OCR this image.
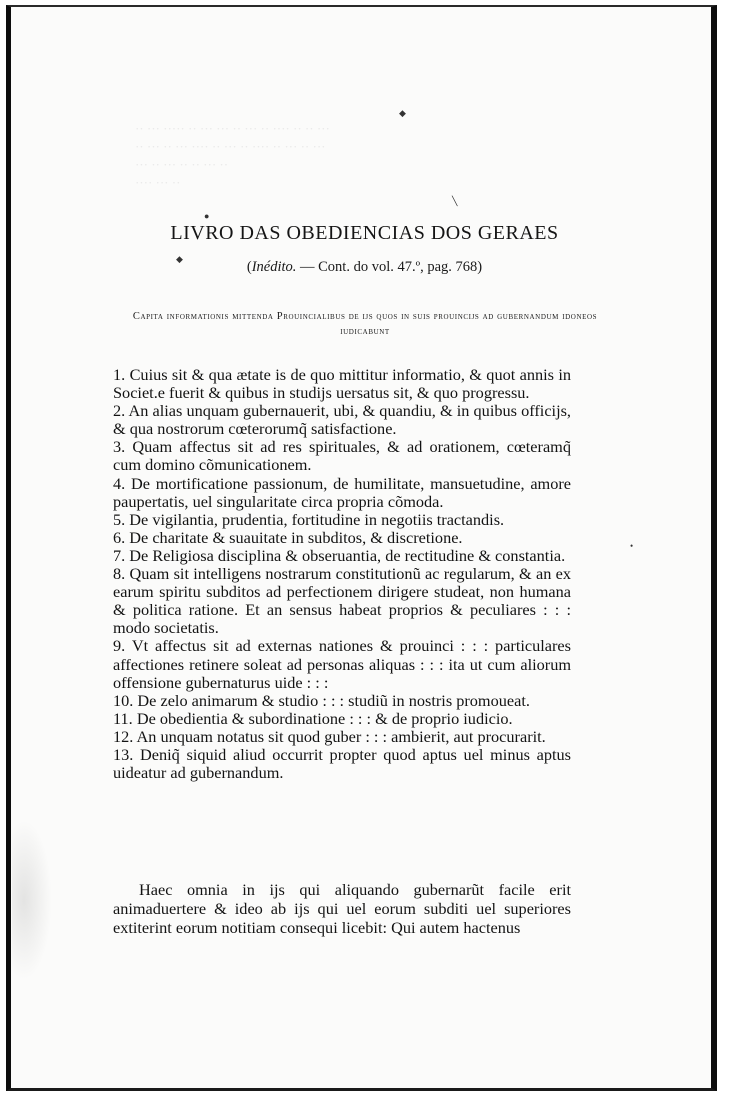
··· ·· ·· ···· ·· ··· ·· ··· ··· ·· ····· ··· ··
··· ·· ··· ·· ···· ·· ··· ·· ···· ··· ·· ··· ··
·· ··· ·· ·· ··· ·· ···
·· ··· ····
◆
╲
●
◆
•
LIVRO DAS OBEDIENCIAS DOS GERAES
(Inédito. — Cont. do vol. 47.º, pag. 768)
Capita informationis mittenda Prouincialibus de ijs quos in suis prouincijs ad gubernandum idoneos iudicabunt

1. Cuius sit & qua ætate is de quo mittitur informatio, & quot annis in Societ.e fuerit & quibus in studijs uersatus sit, & quo progressu.

2. An alias unquam gubernauerit, ubi, & quandiu, & in quibus officijs, & qua nostrorum cœterorumq̃ satisfactione.

3. Quam affectus sit ad res spirituales, & ad orationem, cœteramq̃ cum domino cõmunicationem.

4. De mortificatione passionum, de humilitate, mansuetudine, amore paupertatis, uel singularitate circa propria cõmoda.

5. De vigilantia, prudentia, fortitudine in negotiis tractandis.

6. De charitate & suauitate in subditos, & discretione.

7. De Religiosa disciplina & obseruantia, de rectitudine & constantia.

8. Quam sit intelligens nostrarum constitutionũ ac regularum, & an ex earum spiritu subditos ad perfectionem dirigere studeat, non humana & politica ratione. Et an sensus habeat proprios & peculiares : : : modo societatis.

9. Vt affectus sit ad externas nationes & prouinci : : : particulares affectiones retinere soleat ad personas aliquas : : : ita ut cum aliorum offensione gubernaturus uide : : :

10. De zelo animarum & studio : : : studiũ in nostris promoueat.

11. De obedientia & subordinatione : : : & de proprio iudicio.

12. An unquam notatus sit quod guber : : : ambierit, aut procurarit.

13. Deniq̃ siquid aliud occurrit propter quod aptus uel minus aptus uideatur ad gubernandum.

Haec omnia in ijs qui aliquando gubernarũt facile erit animaduertere & ideo ab ijs qui uel eorum subditi uel superiores extiterint eorum notitiam consequi licebit: Qui autem hactenus
